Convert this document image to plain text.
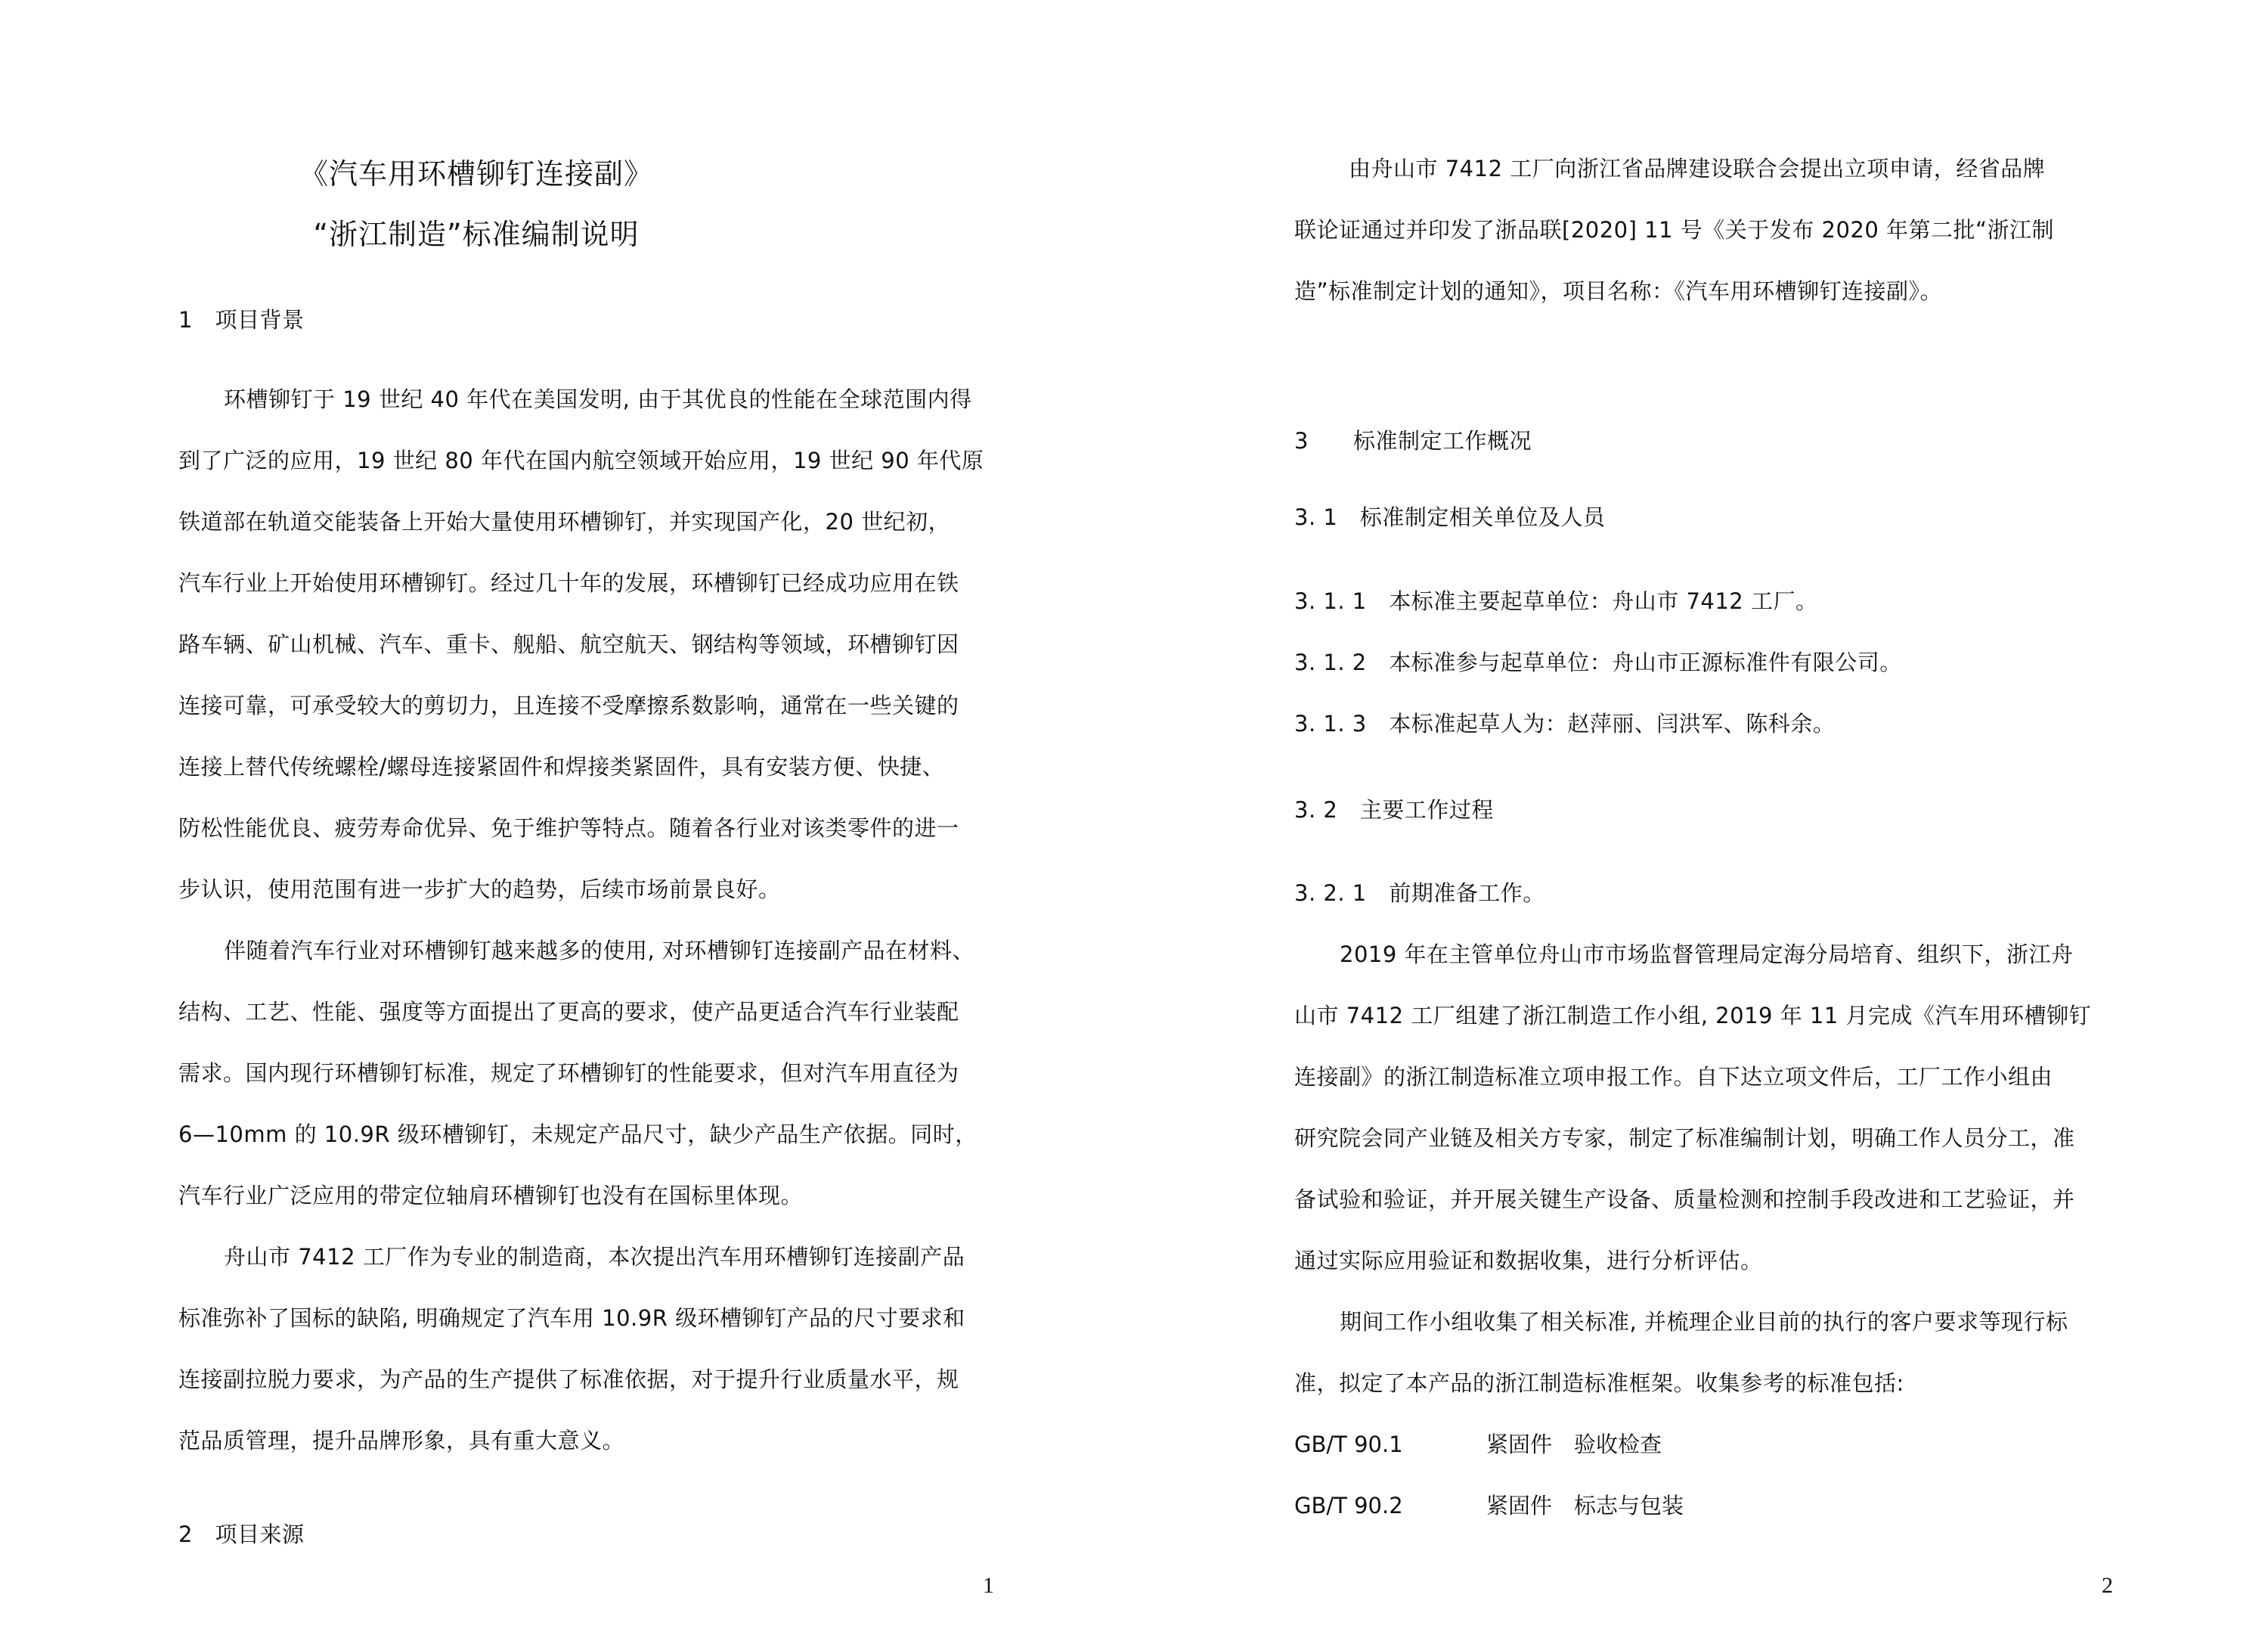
《汽车用环槽铆钉连接副》
“浙江制造”标准编制说明
1　项目背景
环槽铆钉于 19 世纪 40 年代在美国发明, 由于其优良的性能在全球范围内得
到了广泛的应用，19 世纪 80 年代在国内航空领域开始应用，19 世纪 90 年代原
铁道部在轨道交能装备上开始大量使用环槽铆钉，并实现国产化，20 世纪初，
汽车行业上开始使用环槽铆钉。经过几十年的发展，环槽铆钉已经成功应用在铁
路车辆、矿山机械、汽车、重卡、舰船、航空航天、钢结构等领域，环槽铆钉因
连接可靠，可承受较大的剪切力，且连接不受摩擦系数影响，通常在一些关键的
连接上替代传统螺栓/螺母连接紧固件和焊接类紧固件，具有安装方便、快捷、
防松性能优良、疲劳寿命优异、免于维护等特点。随着各行业对该类零件的进一
步认识，使用范围有进一步扩大的趋势，后续市场前景良好。
伴随着汽车行业对环槽铆钉越来越多的使用, 对环槽铆钉连接副产品在材料、
结构、工艺、性能、强度等方面提出了更高的要求，使产品更适合汽车行业装配
需求。国内现行环槽铆钉标准，规定了环槽铆钉的性能要求，但对汽车用直径为
6—10mm 的 10.9R 级环槽铆钉，未规定产品尺寸，缺少产品生产依据。同时，
汽车行业广泛应用的带定位轴肩环槽铆钉也没有在国标里体现。
舟山市 7412 工厂作为专业的制造商，本次提出汽车用环槽铆钉连接副产品
标准弥补了国标的缺陷, 明确规定了汽车用 10.9R 级环槽铆钉产品的尺寸要求和
连接副拉脱力要求，为产品的生产提供了标准依据，对于提升行业质量水平，规
范品质管理，提升品牌形象，具有重大意义。
2　项目来源
1
由舟山市 7412 工厂向浙江省品牌建设联合会提出立项申请，经省品牌
联论证通过并印发了浙品联[2020] 11 号《关于发布 2020 年第二批“浙江制
造”标准制定计划的通知》，项目名称：《汽车用环槽铆钉连接副》。
3　　标准制定工作概况
3. 1　标准制定相关单位及人员
3. 1. 1　本标准主要起草单位：舟山市 7412 工厂。
3. 1. 2　本标准参与起草单位：舟山市正源标准件有限公司。
3. 1. 3　本标准起草人为：赵萍丽、闫洪军、陈科余。
3. 2　主要工作过程
3. 2. 1　前期准备工作。
2019 年在主管单位舟山市市场监督管理局定海分局培育、组织下，浙江舟
山市 7412 工厂组建了浙江制造工作小组, 2019 年 11 月完成《汽车用环槽铆钉
连接副》的浙江制造标准立项申报工作。自下达立项文件后，工厂工作小组由
研究院会同产业链及相关方专家，制定了标准编制计划，明确工作人员分工，准
备试验和验证，并开展关键生产设备、质量检测和控制手段改进和工艺验证，并
通过实际应用验证和数据收集，进行分析评估。
期间工作小组收集了相关标准, 并梳理企业目前的执行的客户要求等现行标
准，拟定了本产品的浙江制造标准框架。收集参考的标准包括:
GB/T 90.1	紧固件　验收检查
GB/T 90.2	紧固件　标志与包装
2
